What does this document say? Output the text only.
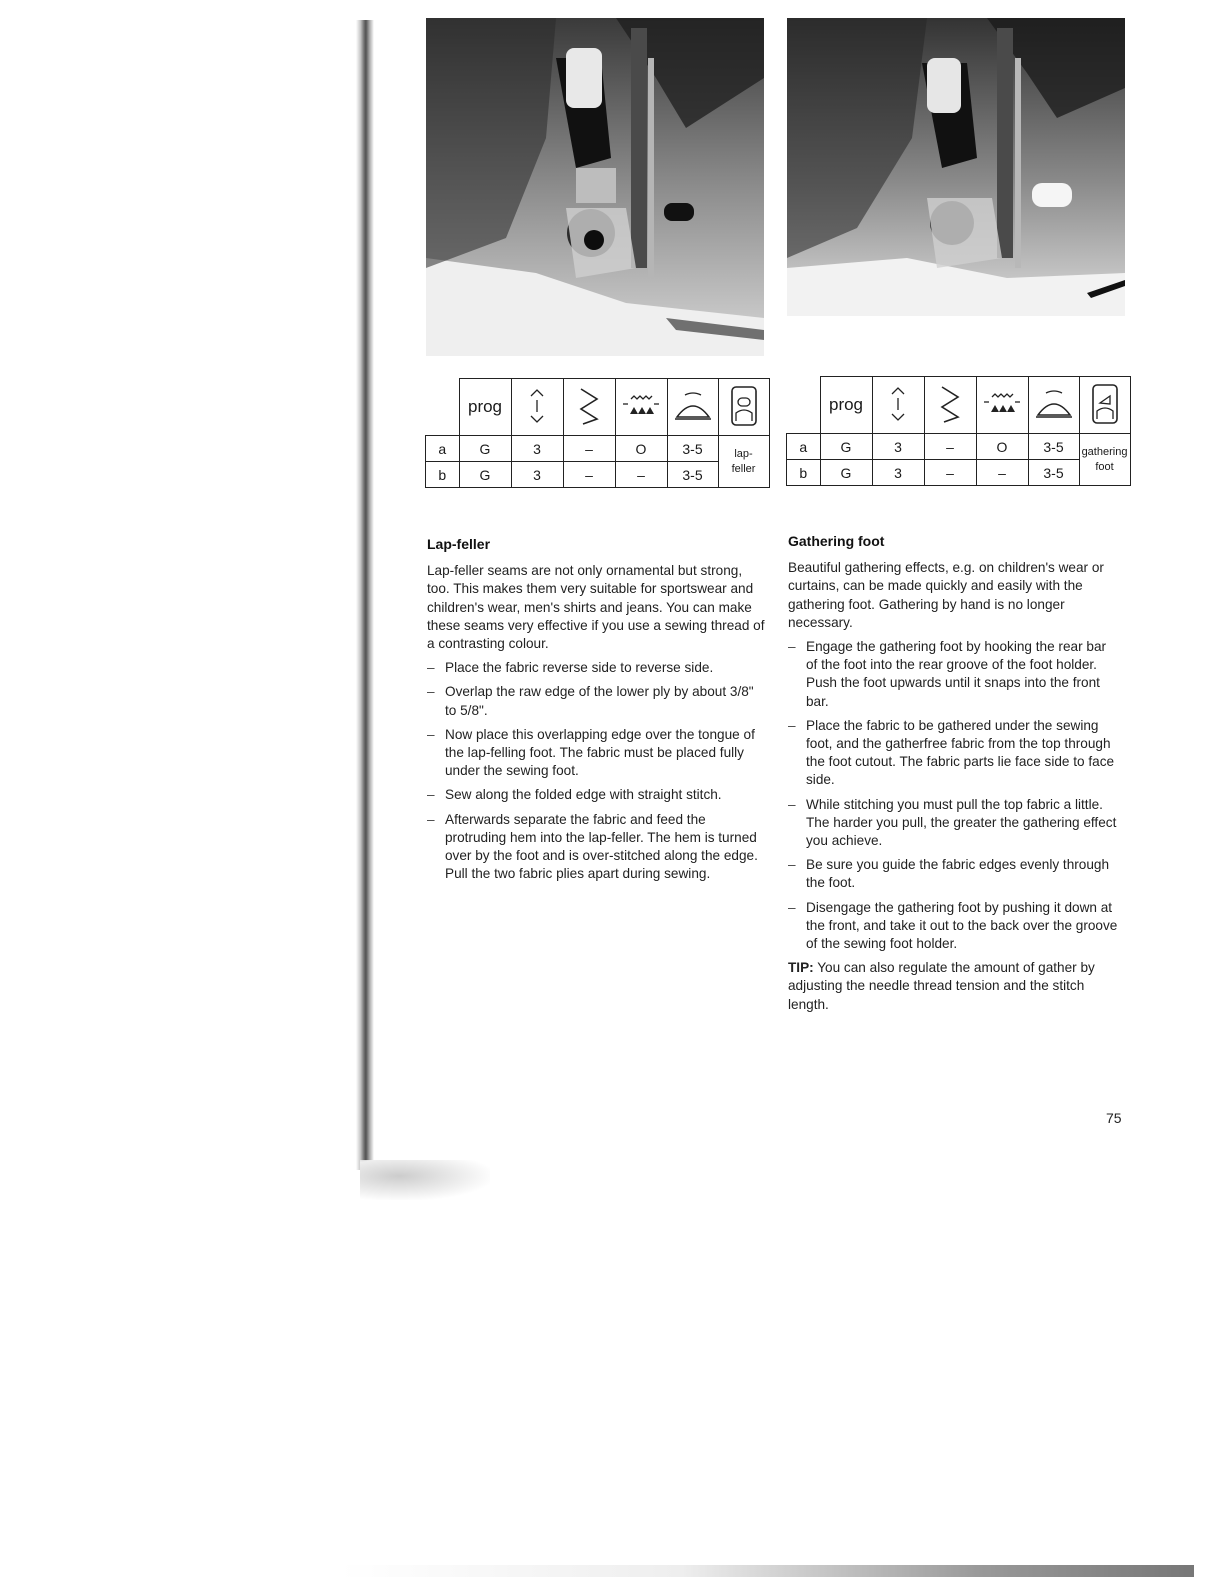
	prog					
a	G	3	–	O	3-5	lap-
feller
b	G	3	–	–	3-5	
	prog					
a	G	3	–	O	3-5	gathering
foot
b	G	3	–	–	3-5	
Lap-feller

Lap-feller seams are not only ornamental but strong, too. This makes them very suitable for sportswear and children's wear, men's shirts and jeans. You can make these seams very effective if you use a sewing thread of a contrasting colour.

– Place the fabric reverse side to reverse side.
– Overlap the raw edge of the lower ply by about 3/8" to 5/8".
– Now place this overlapping edge over the tongue of the lap-felling foot. The fabric must be placed fully under the sewing foot.
– Sew along the folded edge with straight stitch.
– Afterwards separate the fabric and feed the protruding hem into the lap-feller. The hem is turned over by the foot and is over-stitched along the edge. Pull the two fabric plies apart during sewing.
Gathering foot

Beautiful gathering effects, e.g. on children's wear or curtains, can be made quickly and easily with the gathering foot. Gathering by hand is no longer necessary.

– Engage the gathering foot by hooking the rear bar of the foot into the rear groove of the foot holder. Push the foot upwards until it snaps into the front bar.
– Place the fabric to be gathered under the sewing foot, and the gatherfree fabric from the top through the foot cutout. The fabric parts lie face side to face side.
– While stitching you must pull the top fabric a little. The harder you pull, the greater the gathering effect you achieve.
– Be sure you guide the fabric edges evenly through the foot.
– Disengage the gathering foot by pushing it down at the front, and take it out to the back over the groove of the sewing foot holder.

TIP: You can also regulate the amount of gather by adjusting the needle thread tension and the stitch length.

75
